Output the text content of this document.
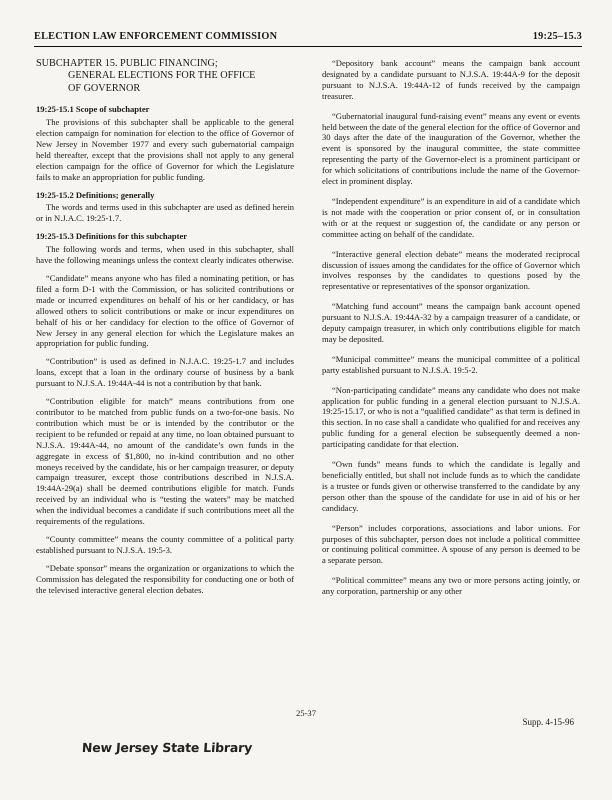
ELECTION LAW ENFORCEMENT COMMISSION	19:25–15.3
SUBCHAPTER 15. PUBLIC FINANCING;
GENERAL ELECTIONS FOR THE OFFICE
OF GOVERNOR
19:25-15.1 Scope of subchapter

The provisions of this subchapter shall be applicable to the general election campaign for nomination for election to the office of Governor of New Jersey in November 1977 and every such gubernatorial campaign held thereafter, except that the provisions shall not apply to any general election campaign for the office of Governor for which the Legislature fails to make an appropriation for public funding.

19:25-15.2 Definitions; generally

The words and terms used in this subchapter are used as defined herein or in N.J.A.C. 19:25-1.7.

19:25-15.3 Definitions for this subchapter

The following words and terms, when used in this subchapter, shall have the following meanings unless the context clearly indicates otherwise.

“Candidate” means anyone who has filed a nominating petition, or has filed a form D-1 with the Commission, or has solicited contributions or made or incurred expenditures on behalf of his or her candidacy, or has allowed others to solicit contributions or make or incur expenditures on behalf of his or her candidacy for election to the office of Governor of New Jersey in any general election for which the Legislature makes an appropriation for public funding.

“Contribution” is used as defined in N.J.A.C. 19:25-1.7 and includes loans, except that a loan in the ordinary course of business by a bank pursuant to N.J.S.A. 19:44A-44 is not a contribution by that bank.

“Contribution eligible for match” means contributions from one contributor to be matched from public funds on a two-for-one basis. No contribution which must be or is intended by the contributor or the recipient to be refunded or repaid at any time, no loan obtained pursuant to N.J.S.A. 19:44A-44, no amount of the candidate’s own funds in the aggregate in excess of $1,800, no in-kind contribution and no other moneys received by the candidate, his or her campaign treasurer, or deputy campaign treasurer, except those contributions described in N.J.S.A. 19:44A-29(a) shall be deemed contributions eligible for match. Funds received by an individual who is “testing the waters” may be matched when the individual becomes a candidate if such contributions meet all the requirements of the regulations.

“County committee” means the county committee of a political party established pursuant to N.J.S.A. 19:5-3.

“Debate sponsor” means the organization or organizations to which the Commission has delegated the responsibility for conducting one or both of the televised interactive general election debates.

“Depository bank account” means the campaign bank account designated by a candidate pursuant to N.J.S.A. 19:44A-9 for the deposit pursuant to N.J.S.A. 19:44A-12 of funds received by the campaign treasurer.

“Gubernatorial inaugural fund-raising event” means any event or events held between the date of the general election for the office of Governor and 30 days after the date of the inauguration of the Governor, whether the event is sponsored by the inaugural committee, the state committee representing the party of the Governor-elect is a prominent participant or for which solicitations of contributions include the name of the Governor-elect in prominent display.

“Independent expenditure” is an expenditure in aid of a candidate which is not made with the cooperation or prior consent of, or in consultation with or at the request or suggestion of, the candidate or any person or committee acting on behalf of the candidate.

“Interactive general election debate” means the moderated reciprocal discussion of issues among the candidates for the office of Governor which involves responses by the candidates to questions posed by the representative or representatives of the sponsor organization.

“Matching fund account” means the campaign bank account opened pursuant to N.J.S.A. 19:44A-32 by a campaign treasurer of a candidate, or deputy campaign treasurer, in which only contributions eligible for match may be deposited.

“Municipal committee” means the municipal committee of a political party established pursuant to N.J.S.A. 19:5-2.

“Non-participating candidate” means any candidate who does not make application for public funding in a general election pursuant to N.J.S.A. 19:25-15.17, or who is not a “qualified candidate” as that term is defined in this section. In no case shall a candidate who qualified for and receives any public funding for a general election be subsequently deemed a non-participating candidate for that election.

“Own funds” means funds to which the candidate is legally and beneficially entitled, but shall not include funds as to which the candidate is a trustee or funds given or otherwise transferred to the candidate by any person other than the spouse of the candidate for use in aid of his or her candidacy.

“Person” includes corporations, associations and labor unions. For purposes of this subchapter, person does not include a political committee or continuing political committee. A spouse of any person is deemed to be a separate person.

“Political committee” means any two or more persons acting jointly, or any corporation, partnership or any other

25-37
Supp. 4-15-96
New Jersey State Library
